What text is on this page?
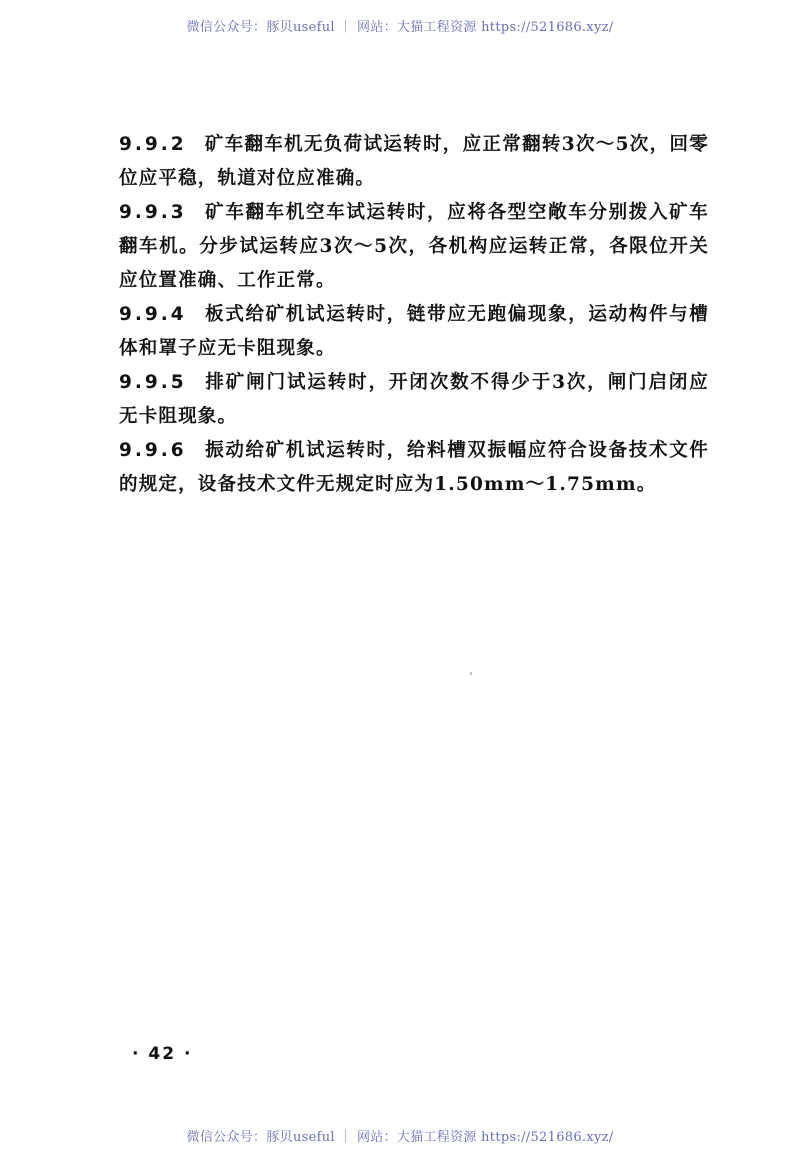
微信公众号：豚贝useful ｜ 网站：大猫工程资源 https://521686.xyz/

9.9.2 矿车翻车机无负荷试运转时，应正常翻转3次～5次，回零位应平稳，轨道对位应准确。

9.9.3 矿车翻车机空车试运转时，应将各型空敞车分别拨入矿车翻车机。分步试运转应3次～5次，各机构应运转正常，各限位开关应位置准确、工作正常。

9.9.4 板式给矿机试运转时，链带应无跑偏现象，运动构件与槽体和罩子应无卡阻现象。

9.9.5 排矿闸门试运转时，开闭次数不得少于3次，闸门启闭应无卡阻现象。

9.9.6 振动给矿机试运转时，给料槽双振幅应符合设备技术文件的规定，设备技术文件无规定时应为1.50mm～1.75mm。

· 42 ·
微信公众号：豚贝useful ｜ 网站：大猫工程资源 https://521686.xyz/
